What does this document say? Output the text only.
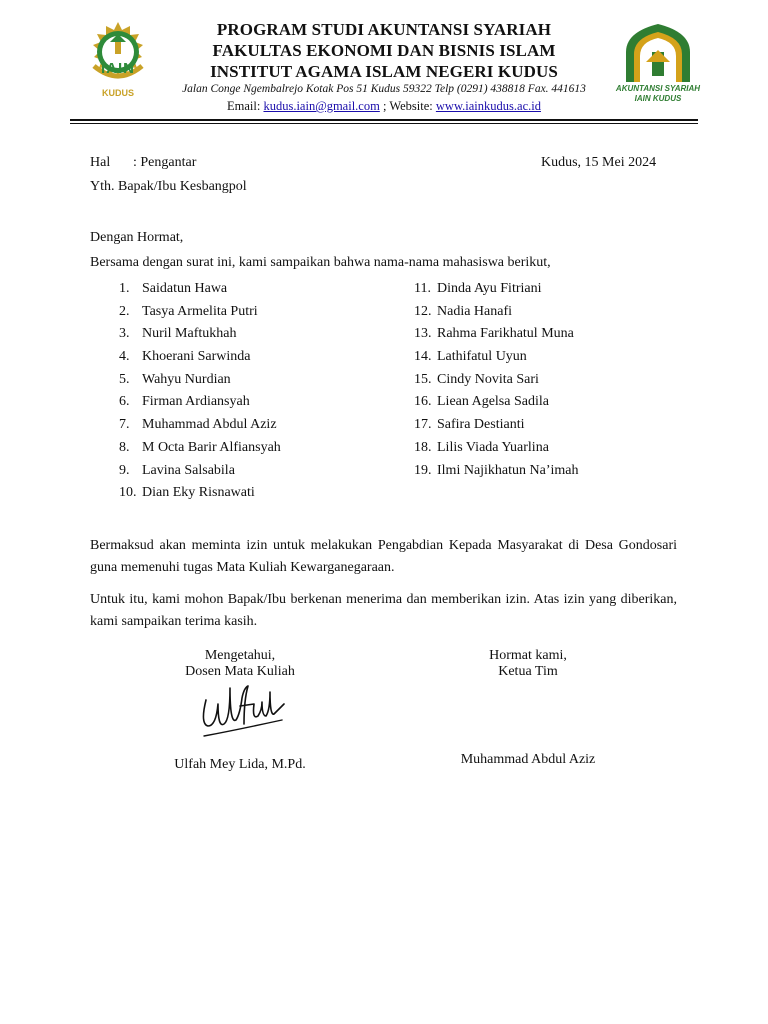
IAIN
KUDUS	AKUNTANSI SYARIAH
IAIN KUDUS
PROGRAM STUDI AKUNTANSI SYARIAH
FAKULTAS EKONOMI DAN BISNIS ISLAM
INSTITUT AGAMA ISLAM NEGERI KUDUS
Jalan Conge Ngembalrejo Kotak Pos 51 Kudus 59322 Telp (0291) 438818 Fax. 441613
Email: kudus.iain@gmail.com ; Website: www.iainkudus.ac.id
Hal : Pengantar	Kudus, 15 Mei 2024
Yth. Bapak/Ibu Kesbangpol
Dengan Hormat,
Bersama dengan surat ini, kami sampaikan bahwa nama-nama mahasiswa berikut,
1. Saidatun Hawa
2. Tasya Armelita Putri
3. Nuril Maftukhah
4. Khoerani Sarwinda
5. Wahyu Nurdian
6. Firman Ardiansyah
7. Muhammad Abdul Aziz
8. M Octa Barir Alfiansyah
9. Lavina Salsabila
10. Dian Eky Risnawati
11. Dinda Ayu Fitriani
12. Nadia Hanafi
13. Rahma Farikhatul Muna
14. Lathifatul Uyun
15. Cindy Novita Sari
16. Liean Agelsa Sadila
17. Safira Destianti
18. Lilis Viada Yuarlina
19. Ilmi Najikhatun Na’imah
Bermaksud akan meminta izin untuk melakukan Pengabdian Kepada Masyarakat di Desa Gondosari guna memenuhi tugas Mata Kuliah Kewarganegaraan.
Untuk itu, kami mohon Bapak/Ibu berkenan menerima dan memberikan izin. Atas izin yang diberikan, kami sampaikan terima kasih.
Mengetahui,
Dosen Mata Kuliah
Ulfah Mey Lida, M.Pd.
Hormat kami,
Ketua Tim
Muhammad Abdul Aziz
